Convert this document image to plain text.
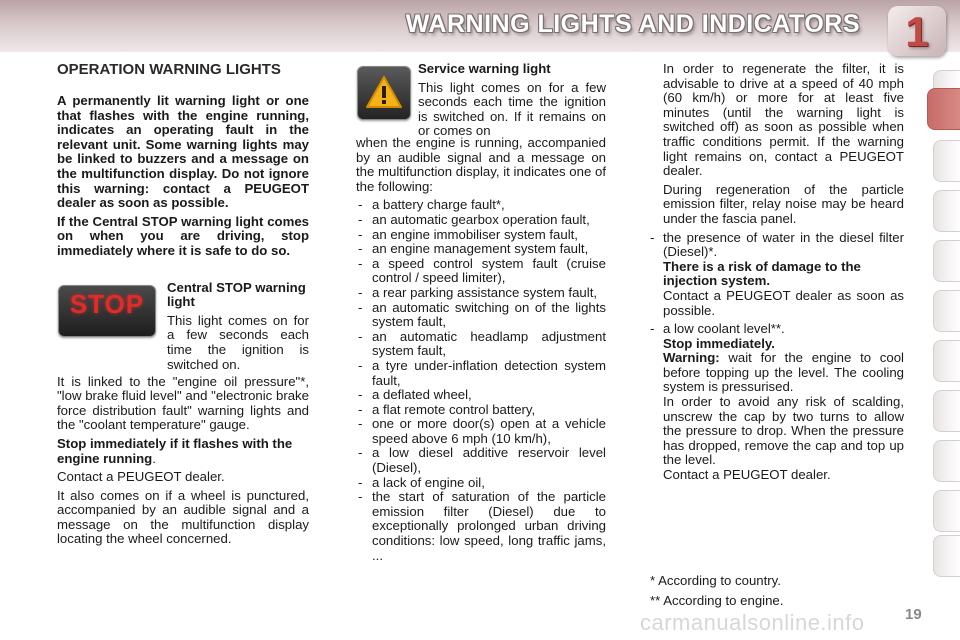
WARNING LIGHTS AND INDICATORS	1
OPERATION WARNING LIGHTS

A permanently lit warning light or one that flashes with the engine running, indicates an operating fault in the relevant unit. Some warning lights may be linked to buzzers and a message on the multifunction display. Do not ignore this warning: contact a PEUGEOT dealer as soon as possible.

If the Central STOP warning light comes on when you are driving, stop immediately where it is safe to do so.

STOP

Central STOP warning light

This light comes on for a few seconds each time the ignition is switched on.

It is linked to the "engine oil pressure"*, "low brake fluid level" and "electronic brake force distribution fault" warning lights and the "coolant temperature" gauge.

Stop immediately if it flashes with the engine running.

Contact a PEUGEOT dealer.

It also comes on if a wheel is punctured, accompanied by an audible signal and a message on the multifunction display locating the wheel concerned.

Service warning light

This light comes on for a few seconds each time the ignition is switched on. If it remains on or comes on

when the engine is running, accompanied by an audible signal and a message on the multifunction display, it indicates one of the following:

- a battery charge fault*,
- an automatic gearbox operation fault,
- an engine immobiliser system fault,
- an engine management system fault,
- a speed control system fault (cruise control / speed limiter),
- a rear parking assistance system fault,
- an automatic switching on of the lights system fault,
- an automatic headlamp adjustment system fault,
- a tyre under-inflation detection system fault,
- a deflated wheel,
- a flat remote control battery,
- one or more door(s) open at a vehicle speed above 6 mph (10 km/h),
- a low diesel additive reservoir level (Diesel),
- a lack of engine oil,
- the start of saturation of the particle emission filter (Diesel) due to exceptionally prolonged urban driving conditions: low speed, long traffic jams, ...

In order to regenerate the filter, it is advisable to drive at a speed of 40 mph (60 km/h) or more for at least five minutes (until the warning light is switched off) as soon as possible when traffic conditions permit. If the warning light remains on, contact a PEUGEOT dealer.

During regeneration of the particle emission filter, relay noise may be heard under the fascia panel.

- the presence of water in the diesel filter (Diesel)*.

There is a risk of damage to the injection system.

Contact a PEUGEOT dealer as soon as possible.

- a low coolant level**.

Stop immediately.

Warning: wait for the engine to cool before topping up the level. The cooling system is pressurised.

In order to avoid any risk of scalding, unscrew the cap by two turns to allow the pressure to drop. When the pressure has dropped, remove the cap and top up the level.

Contact a PEUGEOT dealer.

* According to country.

** According to engine.

carmanualsonline.info	19
